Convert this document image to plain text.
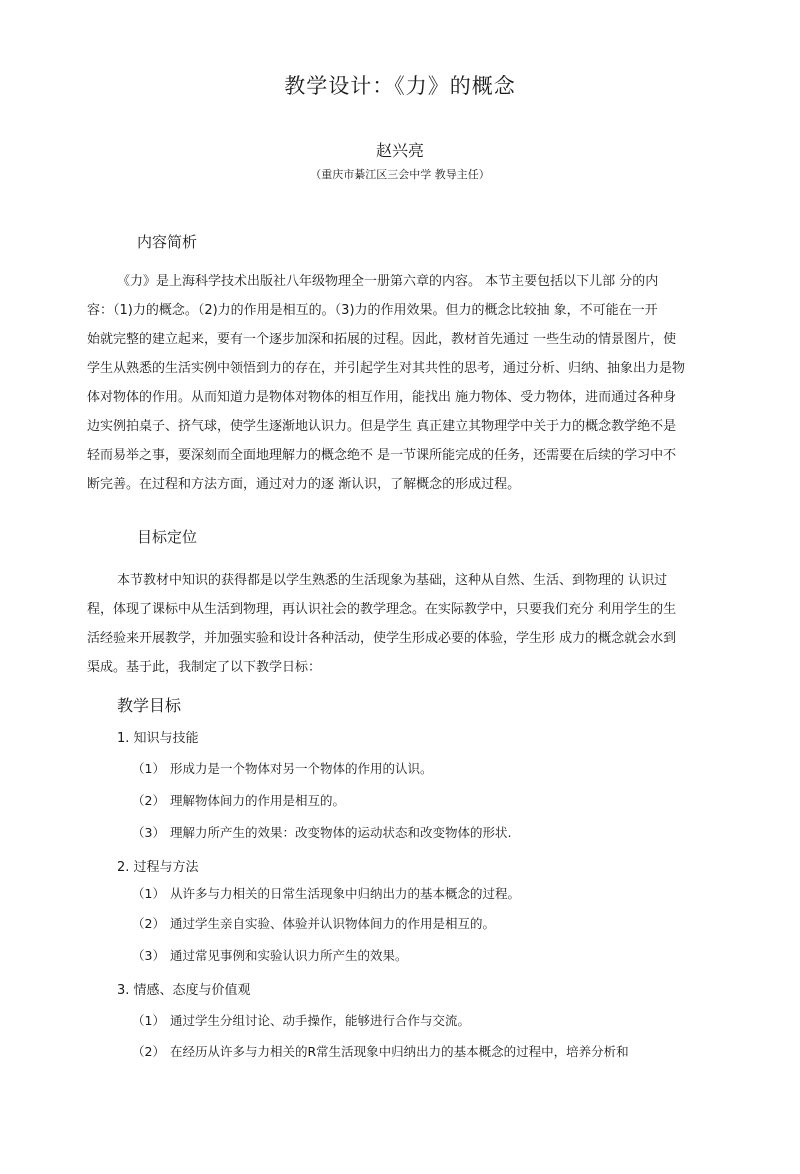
教学设计：《力》的概念
赵兴亮
（重庆市綦江区三会中学 教导主任）
内容简析
《力》是上海科学技术出版社八年级物理全一册第六章的内容。 本节主要包括以下儿部 分的内
容：（1)力的概念。（2)力的作用是相互的。（3)力的作用效果。但力的概念比较抽 象，不可能在一开
始就完整的建立起来，要有一个逐步加深和拓展的过程。因此，教材首先通过 一些生动的情景图片，使
学生从熟悉的生活实例中领悟到力的存在，并引起学生对其共性的思考，通过分析、归纳、抽象出力是物
体对物体的作用。从而知道力是物体对物体的相互作用，能找出 施力物体、受力物体，进而通过各种身
边实例拍桌子、挤气球，使学生逐渐地认识力。但是学生 真正建立其物理学中关于力的概念教学绝不是
轻而易举之事，要深刻而全面地理解力的概念绝不 是一节课所能完成的任务，还需要在后续的学习中不
断完善。在过程和方法方面，通过对力的逐 渐认识，了解概念的形成过程。
目标定位
本节教材中知识的获得都是以学生熟悉的生活现象为基础，这种从自然、生活、到物理的 认识过
程，体现了课标中从生活到物理，再认识社会的教学理念。在实际教学中，只要我们充分 利用学生的生
活经验来开展教学，并加强实验和设计各种活动，使学生形成必要的体验，学生形 成力的概念就会水到
渠成。基于此，我制定了以下教学日标：
教学目标
1. 知识与技能
（1） 形成力是一个物体对另一个物体的作用的认识。
（2） 理解物体间力的作用是相互的。
（3） 理解力所产生的效果：改变物体的运动状态和改变物体的形状.
2. 过程与方法
（1） 从许多与力相关的日常生活现象中归纳出力的基本概念的过程。
（2） 通过学生亲自实验、体验并认识物体间力的作用是相互的。
（3） 通过常见事例和实验认识力所产生的效果。
3. 情感、态度与价值观
（1） 通过学生分组讨论、动手操作，能够进行合作与交流。
（2） 在经历从许多与力相关的R常生活现象中归纳出力的基本概念的过程中，培养分析和
